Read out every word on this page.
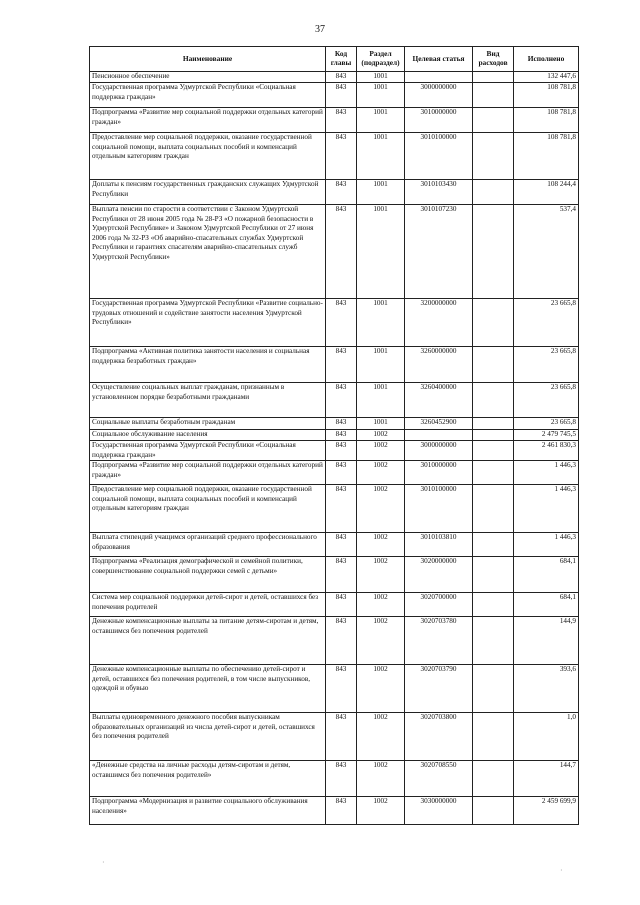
37
Наименование	Код главы	Раздел (подраздел)	Целевая статья	Вид расходов	Исполнено
Пенсионное обеспечение	843	1001			132 447,6
Государственная программа Удмуртской Республики «Социальная поддержка граждан»	843	1001	3000000000		108 781,8
Подпрограмма «Развитие мер социальной поддержки отдельных категорий граждан»	843	1001	3010000000		108 781,8
Предоставление мер социальной поддержки, оказание государственной социальной помощи, выплата социальных пособий и компенсаций отдельным категориям граждан	843	1001	3010100000		108 781,8
Доплаты к пенсиям государственных гражданских служащих Удмуртской Республики	843	1001	3010103430		108 244,4
Выплата пенсии по старости в соответствии с Законом Удмуртской Республики от 28 июня 2005 года № 28-РЗ «О пожарной безопасности в Удмуртской Республике» и Законом Удмуртской Республики от 27 июня 2006 года № 32-РЗ «Об аварийно-спасательных службах Удмуртской Республики и гарантиях спасателям аварийно-спасательных служб Удмуртской Республики»	843	1001	3010107230		537,4
Государственная программа Удмуртской Республики «Развитие социально-трудовых отношений и содействие занятости населения Удмуртской Республики»	843	1001	3200000000		23 665,8
Подпрограмма «Активная политика занятости населения и социальная поддержка безработных граждан»	843	1001	3260000000		23 665,8
Осуществление социальных выплат гражданам, признанным в установленном порядке безработными гражданами	843	1001	3260400000		23 665,8
Социальные выплаты безработным гражданам	843	1001	3260452900		23 665,8
Социальное обслуживание населения	843	1002			2 479 745,5
Государственная программа Удмуртской Республики «Социальная поддержка граждан»	843	1002	3000000000		2 461 830,3
Подпрограмма «Развитие мер социальной поддержки отдельных категорий граждан»	843	1002	3010000000		1 446,3
Предоставление мер социальной поддержки, оказание государственной социальной помощи, выплата социальных пособий и компенсаций отдельным категориям граждан	843	1002	3010100000		1 446,3
Выплата стипендий учащимся организаций среднего профессионального образования	843	1002	3010103810		1 446,3
Подпрограмма «Реализация демографической и семейной политики, совершенствование социальной поддержки семей с детьми»	843	1002	3020000000		684,1
Система мер социальной поддержки детей-сирот и детей, оставшихся без попечения родителей	843	1002	3020700000		684,1
Денежные компенсационные выплаты за питание детям-сиротам и детям, оставшимся без попечения родителей	843	1002	3020703780		144,9
Денежные компенсационные выплаты по обеспечению детей-сирот и детей, оставшихся без попечения родителей, в том числе выпускников, одеждой и обувью	843	1002	3020703790		393,6
Выплаты единовременного денежного пособия выпускникам образовательных организаций из числа детей-сирот и детей, оставшихся без попечения родителей	843	1002	3020703800		1,0
«Денежные средства на личные расходы детям-сиротам и детям, оставшимся без попечения родителей»	843	1002	3020708550		144,7
Подпрограмма «Модернизация и развитие социального обслуживания населения»	843	1002	3030000000		2 459 699,9
·
·
